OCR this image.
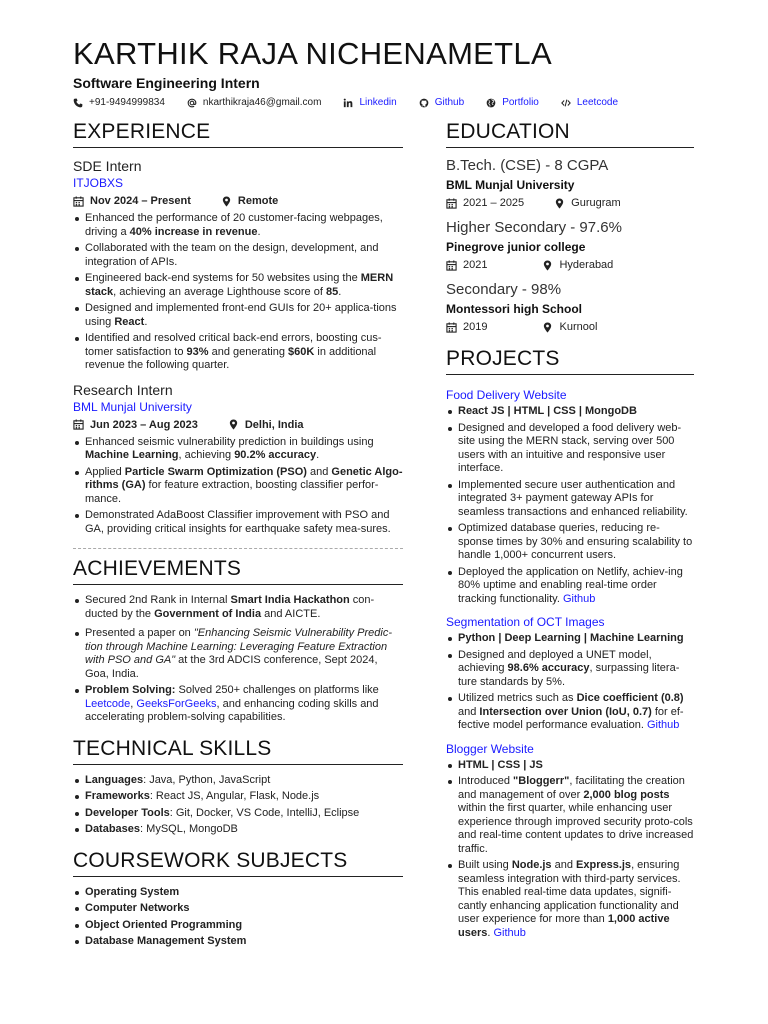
KARTHIK RAJA NICHENAMETLA
Software Engineering Intern
+91-9494999834	nkarthikraja46@gmail.com	Linkedin	Github	Portfolio	Leetcode
EXPERIENCE
SDE Intern
ITJOBXS
Nov 2024 – Present	Remote
Enhanced the performance of 20 customer-facing webpages, driving a 40% increase in revenue.
Collaborated with the team on the design, development, and integration of APIs.
Engineered back-end systems for 50 websites using the MERN stack, achieving an average Lighthouse score of 85.
Designed and implemented front-end GUIs for 20+ applica-tions using React.
Identified and resolved critical back-end errors, boosting cus-tomer satisfaction to 93% and generating $60K in additional revenue the following quarter.
Research Intern
BML Munjal University
Jun 2023 – Aug 2023	Delhi, India
Enhanced seismic vulnerability prediction in buildings using Machine Learning, achieving 90.2% accuracy.
Applied Particle Swarm Optimization (PSO) and Genetic Algo-rithms (GA) for feature extraction, boosting classifier perfor-mance.
Demonstrated AdaBoost Classifier improvement with PSO and GA, providing critical insights for earthquake safety mea-sures.
ACHIEVEMENTS
Secured 2nd Rank in Internal Smart India Hackathon con-ducted by the Government of India and AICTE.
Presented a paper on "Enhancing Seismic Vulnerability Predic-tion through Machine Learning: Leveraging Feature Extraction with PSO and GA" at the 3rd ADCIS conference, Sept 2024, Goa, India.
Problem Solving: Solved 250+ challenges on platforms like Leetcode, GeeksForGeeks, and enhancing coding skills and accelerating problem-solving capabilities.
TECHNICAL SKILLS
Languages: Java, Python, JavaScript
Frameworks: React JS, Angular, Flask, Node.js
Developer Tools: Git, Docker, VS Code, IntelliJ, Eclipse
Databases: MySQL, MongoDB
COURSEWORK SUBJECTS
Operating System
Computer Networks
Object Oriented Programming
Database Management System
EDUCATION
B.Tech. (CSE) - 8 CGPA
BML Munjal University
2021 – 2025	Gurugram
Higher Secondary - 97.6%
Pinegrove junior college
2021	Hyderabad
Secondary - 98%
Montessori high School
2019	Kurnool
PROJECTS
Food Delivery Website
React JS | HTML | CSS | MongoDB
Designed and developed a food delivery web-site using the MERN stack, serving over 500 users with an intuitive and responsive user interface.
Implemented secure user authentication and integrated 3+ payment gateway APIs for seamless transactions and enhanced reliability.
Optimized database queries, reducing re-sponse times by 30% and ensuring scalability to handle 1,000+ concurrent users.
Deployed the application on Netlify, achiev-ing 80% uptime and enabling real-time order tracking functionality. Github
Segmentation of OCT Images
Python | Deep Learning | Machine Learning
Designed and deployed a UNET model, achieving 98.6% accuracy, surpassing litera-ture standards by 5%.
Utilized metrics such as Dice coefficient (0.8) and Intersection over Union (IoU, 0.7) for ef-fective model performance evaluation. Github
Blogger Website
HTML | CSS | JS
Introduced "Bloggerr", facilitating the creation and management of over 2,000 blog posts within the first quarter, while enhancing user experience through improved security proto-cols and real-time content updates to drive increased traffic.
Built using Node.js and Express.js, ensuring seamless integration with third-party services. This enabled real-time data updates, signifi-cantly enhancing application functionality and user experience for more than 1,000 active users. Github
